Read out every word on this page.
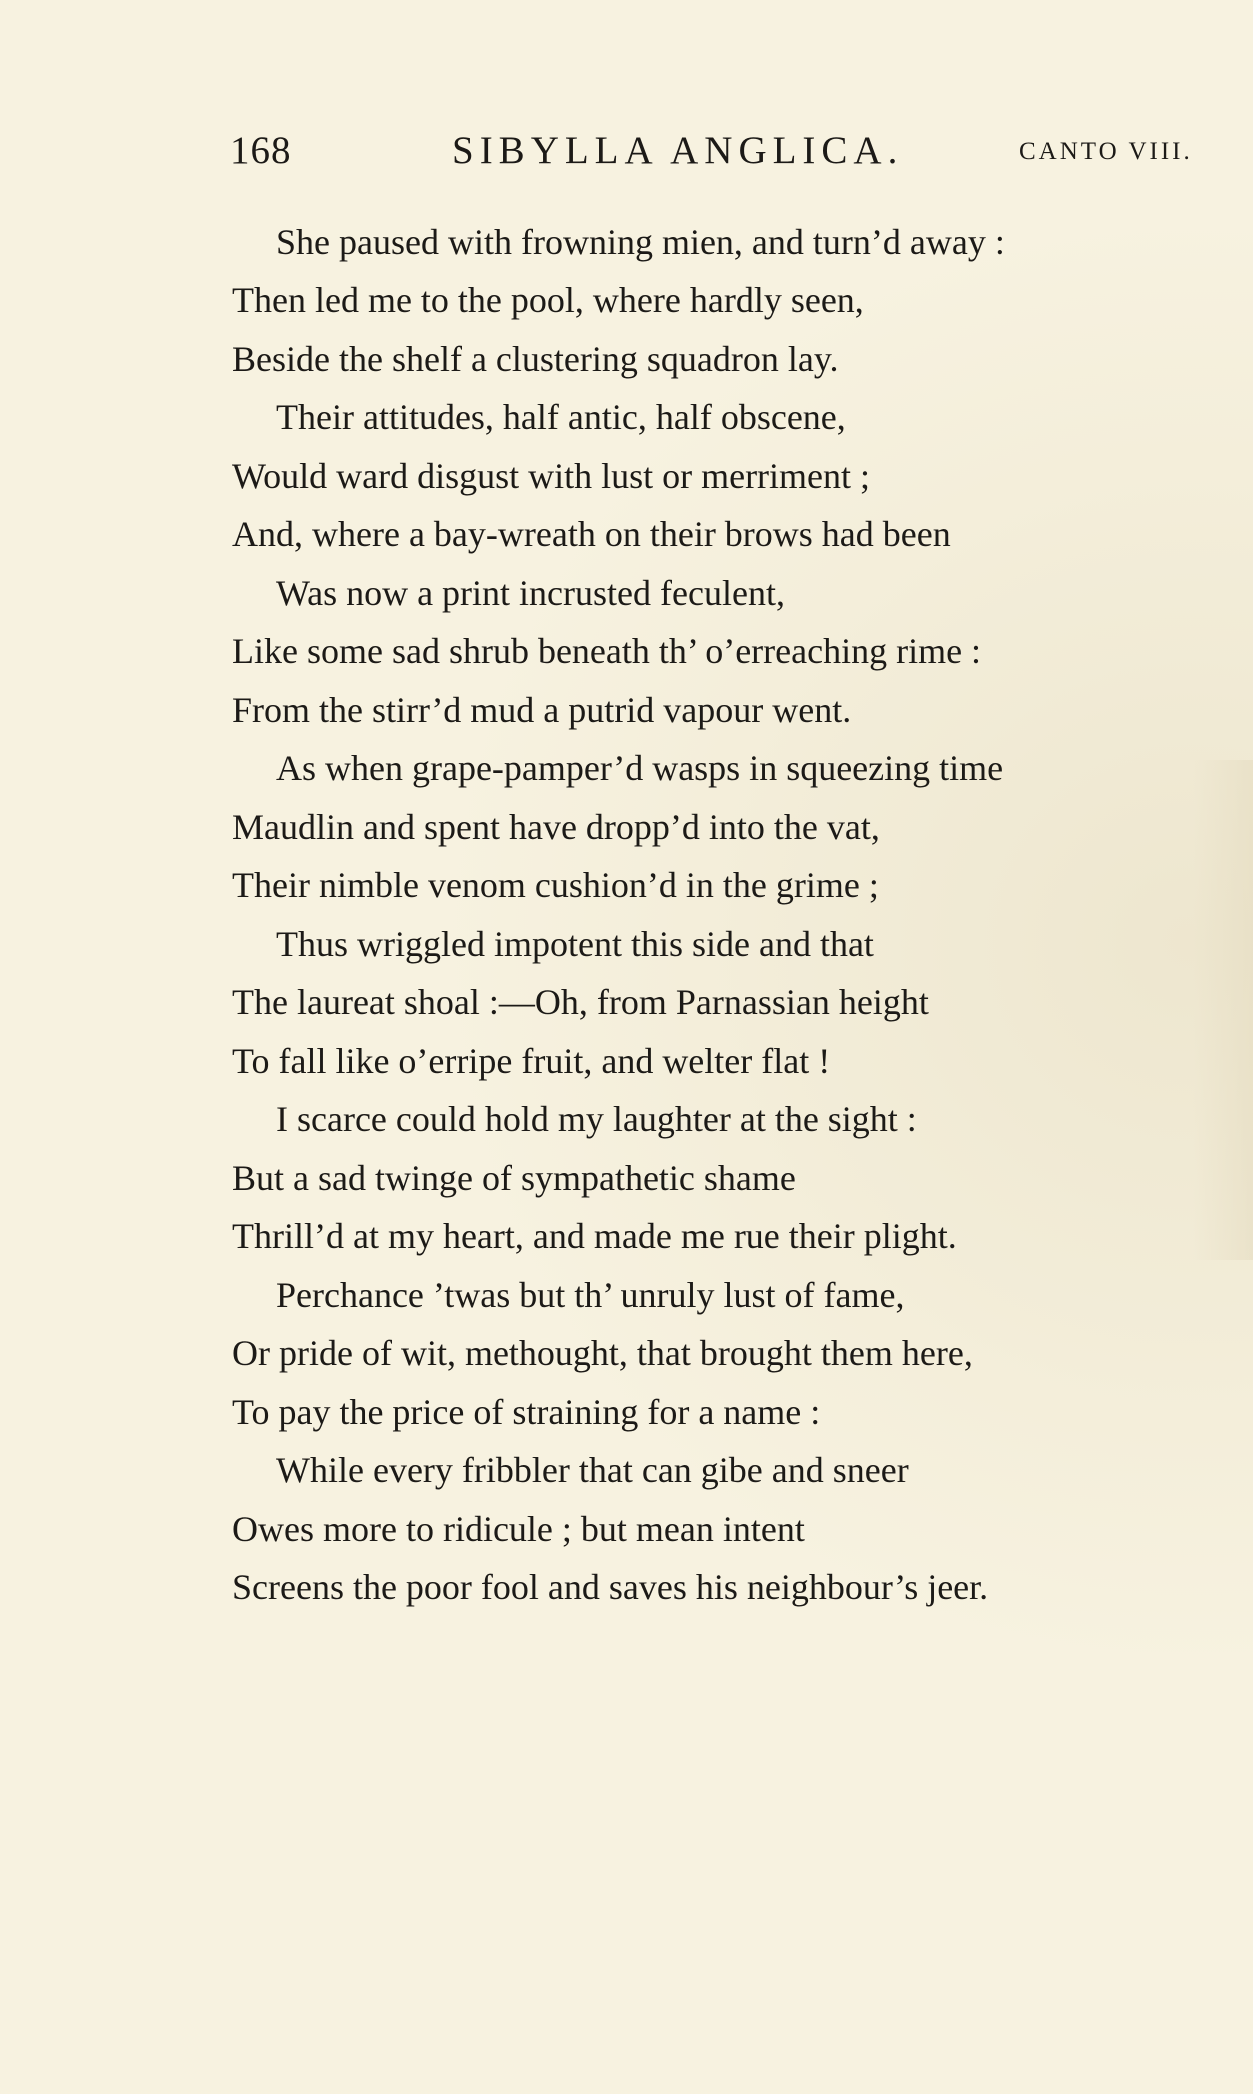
168	SIBYLLA ANGLICA.	CANTO VIII.
She paused with frowning mien, and turn’d away :
Then led me to the pool, where hardly seen,
Beside the shelf a clustering squadron lay.
Their attitudes, half antic, half obscene,
Would ward disgust with lust or merriment ;
And, where a bay-wreath on their brows had been
Was now a print incrusted feculent,
Like some sad shrub beneath th’ o’erreaching rime :
From the stirr’d mud a putrid vapour went.
As when grape-pamper’d wasps in squeezing time
Maudlin and spent have dropp’d into the vat,
Their nimble venom cushion’d in the grime ;
Thus wriggled impotent this side and that
The laureat shoal :—Oh, from Parnassian height
To fall like o’erripe fruit, and welter flat !
I scarce could hold my laughter at the sight :
But a sad twinge of sympathetic shame
Thrill’d at my heart, and made me rue their plight.
Perchance ’twas but th’ unruly lust of fame,
Or pride of wit, methought, that brought them here,
To pay the price of straining for a name :
While every fribbler that can gibe and sneer
Owes more to ridicule ; but mean intent
Screens the poor fool and saves his neighbour’s jeer.
